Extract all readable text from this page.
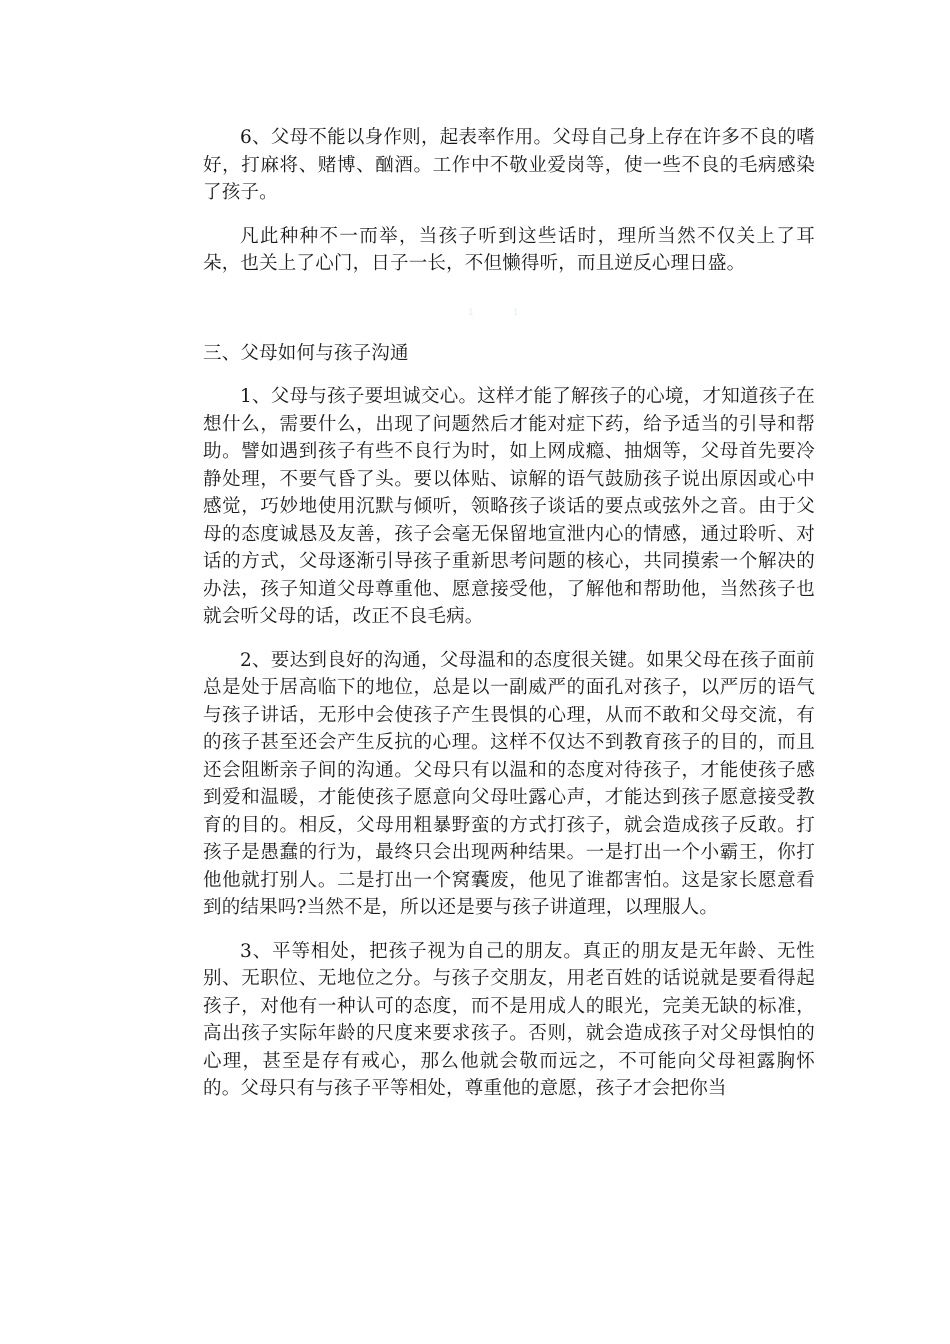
6、父母不能以身作则，起表率作用。父母自己身上存在许多不良的嗜好，打麻将、赌博、酗酒。工作中不敬业爱岗等，使一些不良的毛病感染了孩子。

凡此种种不一而举，当孩子听到这些话时，理所当然不仅关上了耳朵，也关上了心门，日子一长，不但懒得听，而且逆反心理日盛。

1 1

三、父母如何与孩子沟通

1、父母与孩子要坦诚交心。这样才能了解孩子的心境，才知道孩子在想什么，需要什么，出现了问题然后才能对症下药，给予适当的引导和帮助。譬如遇到孩子有些不良行为时，如上网成瘾、抽烟等，父母首先要冷静处理，不要气昏了头。要以体贴、谅解的语气鼓励孩子说出原因或心中感觉，巧妙地使用沉默与倾听，领略孩子谈话的要点或弦外之音。由于父母的态度诚恳及友善，孩子会毫无保留地宣泄内心的情感，通过聆听、对话的方式，父母逐渐引导孩子重新思考问题的核心，共同摸索一个解决的办法，孩子知道父母尊重他、愿意接受他，了解他和帮助他，当然孩子也就会听父母的话，改正不良毛病。

2、要达到良好的沟通，父母温和的态度很关键。如果父母在孩子面前总是处于居高临下的地位，总是以一副威严的面孔对孩子，以严厉的语气与孩子讲话，无形中会使孩子产生畏惧的心理，从而不敢和父母交流，有的孩子甚至还会产生反抗的心理。这样不仅达不到教育孩子的目的，而且还会阻断亲子间的沟通。父母只有以温和的态度对待孩子，才能使孩子感到爱和温暖，才能使孩子愿意向父母吐露心声，才能达到孩子愿意接受教育的目的。相反，父母用粗暴野蛮的方式打孩子，就会造成孩子反敢。打孩子是愚蠢的行为，最终只会出现两种结果。一是打出一个小霸王，你打他他就打别人。二是打出一个窝囊废，他见了谁都害怕。这是家长愿意看到的结果吗?当然不是，所以还是要与孩子讲道理，以理服人。

3、平等相处，把孩子视为自己的朋友。真正的朋友是无年龄、无性别、无职位、无地位之分。与孩子交朋友，用老百姓的话说就是要看得起孩子，对他有一种认可的态度，而不是用成人的眼光，完美无缺的标准，高出孩子实际年龄的尺度来要求孩子。否则，就会造成孩子对父母惧怕的心理，甚至是存有戒心，那么他就会敬而远之，不可能向父母袒露胸怀的。父母只有与孩子平等相处，尊重他的意愿，孩子才会把你当
